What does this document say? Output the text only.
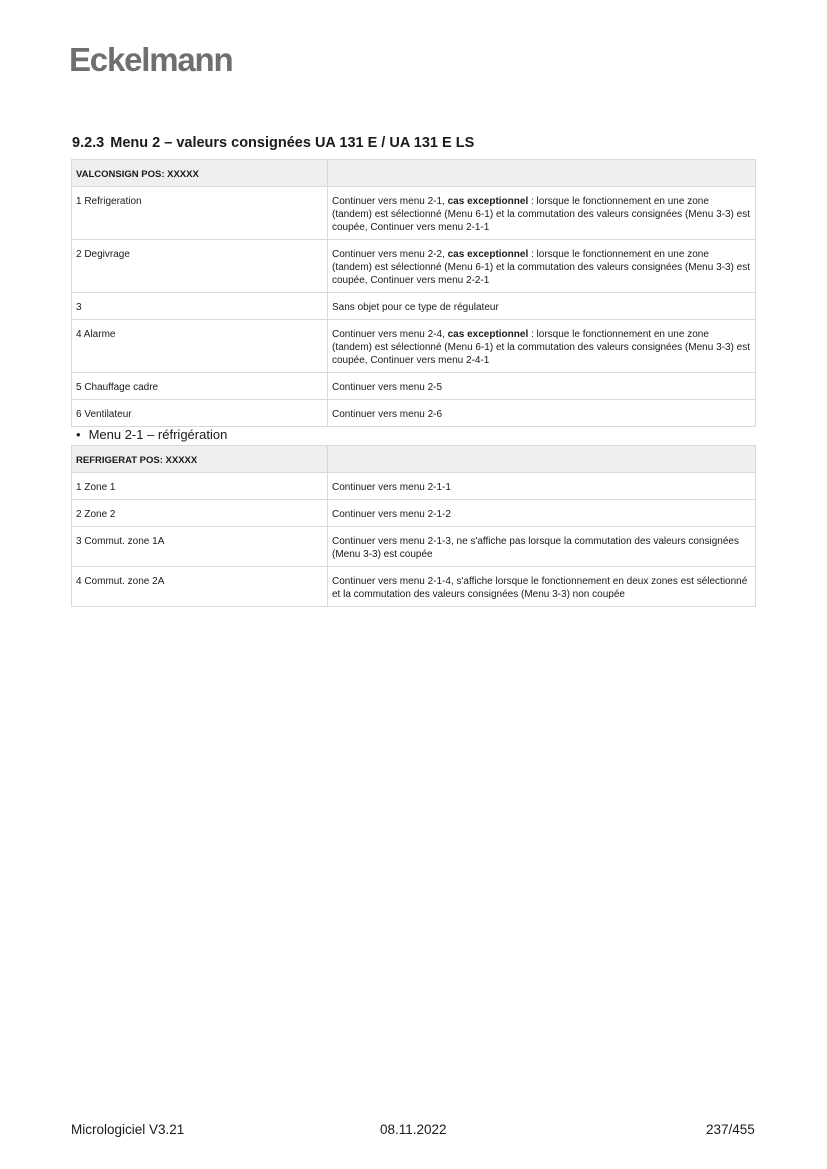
Eckelmann
9.2.3 Menu 2 – valeurs consignées UA 131 E / UA 131 E LS
VALCONSIGN POS: XXXXX	
1 Refrigeration	Continuer vers menu 2-1, cas exceptionnel : lorsque le fonctionnement en une zone (tandem) est sélectionné (Menu 6-1) et la commutation des valeurs consignées (Menu 3-3) est coupée, Continuer vers menu 2-1-1
2 Degivrage	Continuer vers menu 2-2, cas exceptionnel : lorsque le fonctionnement en une zone (tandem) est sélectionné (Menu 6-1) et la commutation des valeurs consignées (Menu 3-3) est coupée, Continuer vers menu 2-2-1
3	Sans objet pour ce type de régulateur
4 Alarme	Continuer vers menu 2-4, cas exceptionnel : lorsque le fonctionnement en une zone (tandem) est sélectionné (Menu 6-1) et la commutation des valeurs consignées (Menu 3-3) est coupée, Continuer vers menu 2-4-1
5 Chauffage cadre	Continuer vers menu 2-5
6 Ventilateur	Continuer vers menu 2-6
• Menu 2-1 – réfrigération
REFRIGERAT POS: XXXXX	
1 Zone 1	Continuer vers menu 2-1-1
2 Zone 2	Continuer vers menu 2-1-2
3 Commut. zone 1A	Continuer vers menu 2-1-3, ne s'affiche pas lorsque la commutation des valeurs consignées (Menu 3-3) est coupée
4 Commut. zone 2A	Continuer vers menu 2-1-4, s'affiche lorsque le fonctionnement en deux zones est sélectionné et la commutation des valeurs consignées (Menu 3-3) non coupée
Micrologiciel V3.21	08.11.2022	237/455
